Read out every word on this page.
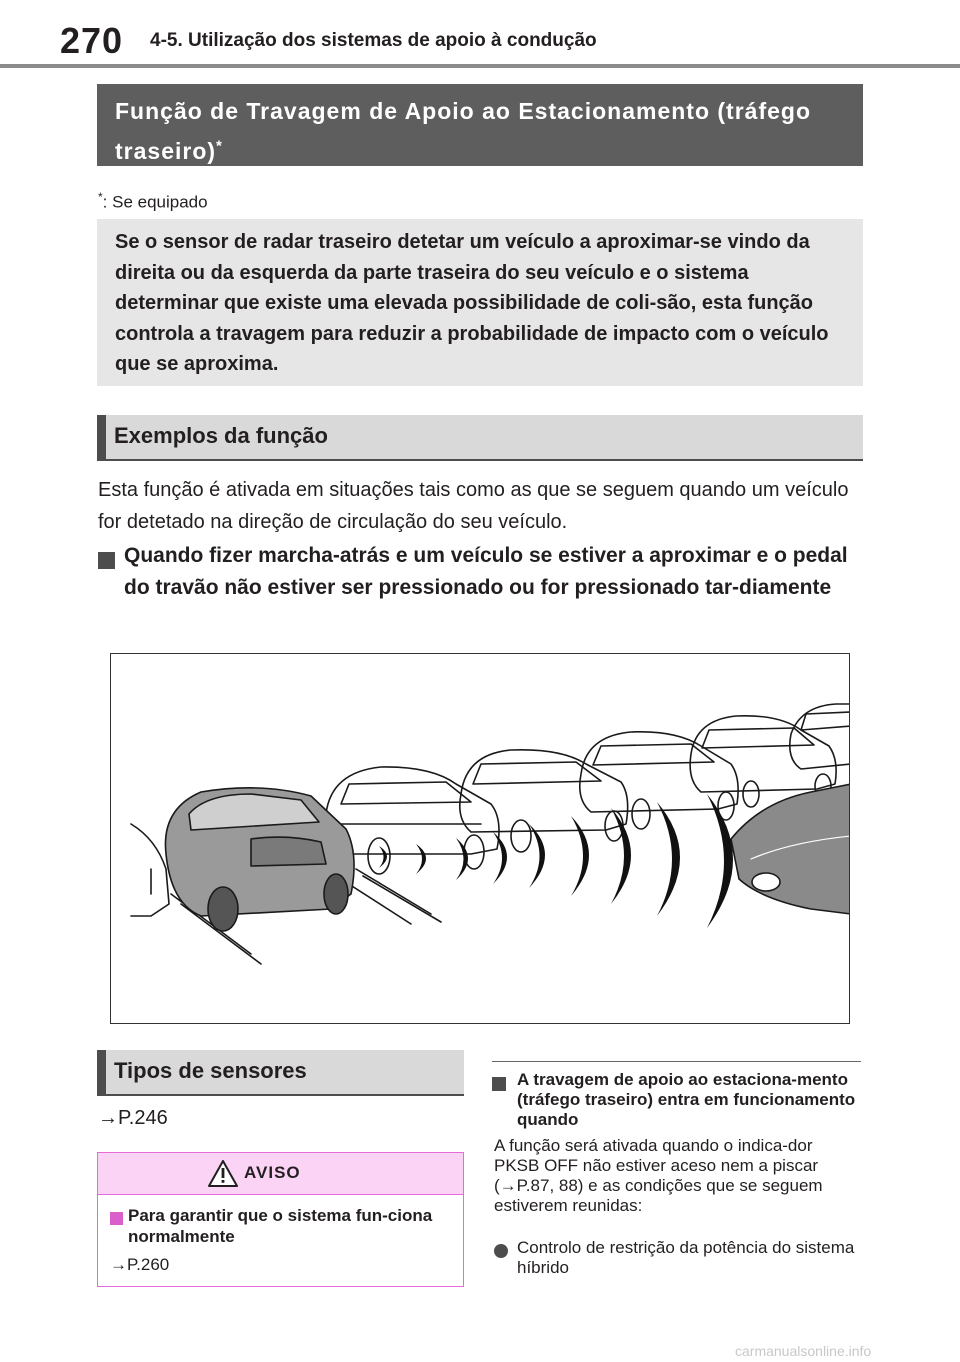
270 4-5. Utilização dos sistemas de apoio à condução
Função de Travagem de Apoio ao Estacionamento (tráfego traseiro)*
*: Se equipado
Se o sensor de radar traseiro detetar um veículo a aproximar-se vindo da direita ou da esquerda da parte traseira do seu veículo e o sistema determinar que existe uma elevada possibilidade de coli-são, esta função controla a travagem para reduzir a probabilidade de impacto com o veículo que se aproxima.
Exemplos da função
Esta função é ativada em situações tais como as que se seguem quando um veículo for detetado na direção de circulação do seu veículo.
Quando fizer marcha-atrás e um veículo se estiver a aproximar e o pedal do travão não estiver ser pressionado ou for pressionado tar-diamente
Tipos de sensores
→P.246
AVISO
Para garantir que o sistema fun-ciona normalmente
→P.260
A travagem de apoio ao estaciona-mento (tráfego traseiro) entra em funcionamento quando
A função será ativada quando o indica-dor PKSB OFF não estiver aceso nem a piscar (→P.87, 88) e as condições que se seguem estiverem reunidas:
Controlo de restrição da potência do sistema híbrido
carmanualsonline.info
